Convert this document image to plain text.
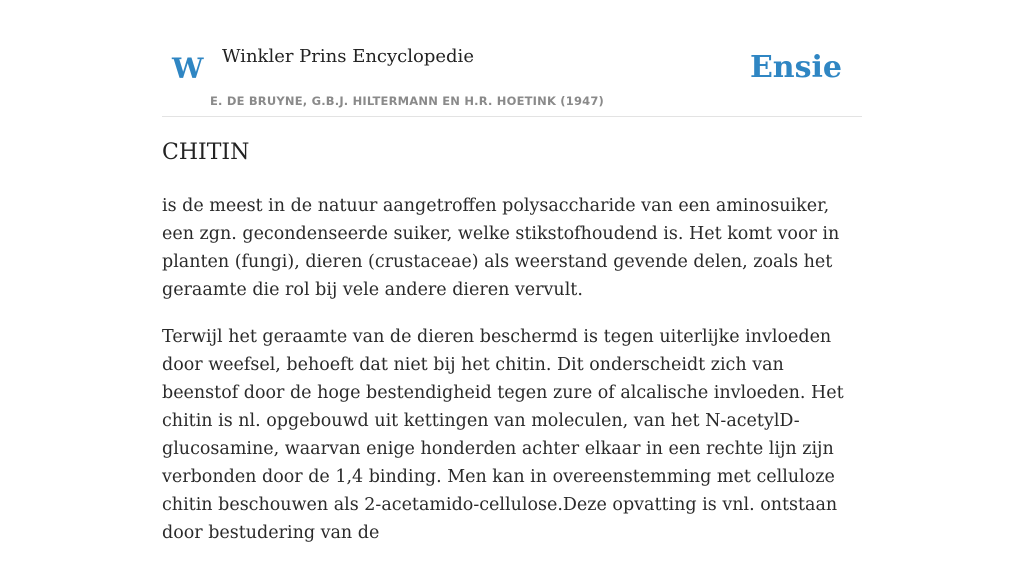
W Winkler Prins Encyclopedie
E. DE BRUYNE, G.B.J. HILTERMANN EN H.R. HOETINK (1947)
Ensie
CHITIN

is de meest in de natuur aangetroffen polysaccharide van een aminosuiker, een zgn. gecondenseerde suiker, welke stikstofhoudend is. Het komt voor in planten (fungi), dieren (crustaceae) als weerstand gevende delen, zoals het geraamte die rol bij vele andere dieren vervult.

Terwijl het geraamte van de dieren beschermd is tegen uiterlijke invloeden door weefsel, behoeft dat niet bij het chitin. Dit onderscheidt zich van beenstof door de hoge bestendigheid tegen zure of alcalische invloeden. Het chitin is nl. opgebouwd uit kettingen van moleculen, van het N-acetylD-glucosamine, waarvan enige honderden achter elkaar in een rechte lijn zijn verbonden door de 1,4 binding. Men kan in overeenstemming met celluloze chitin beschouwen als 2-acetamido-cellulose.Deze opvatting is vnl. ontstaan door bestudering van de
